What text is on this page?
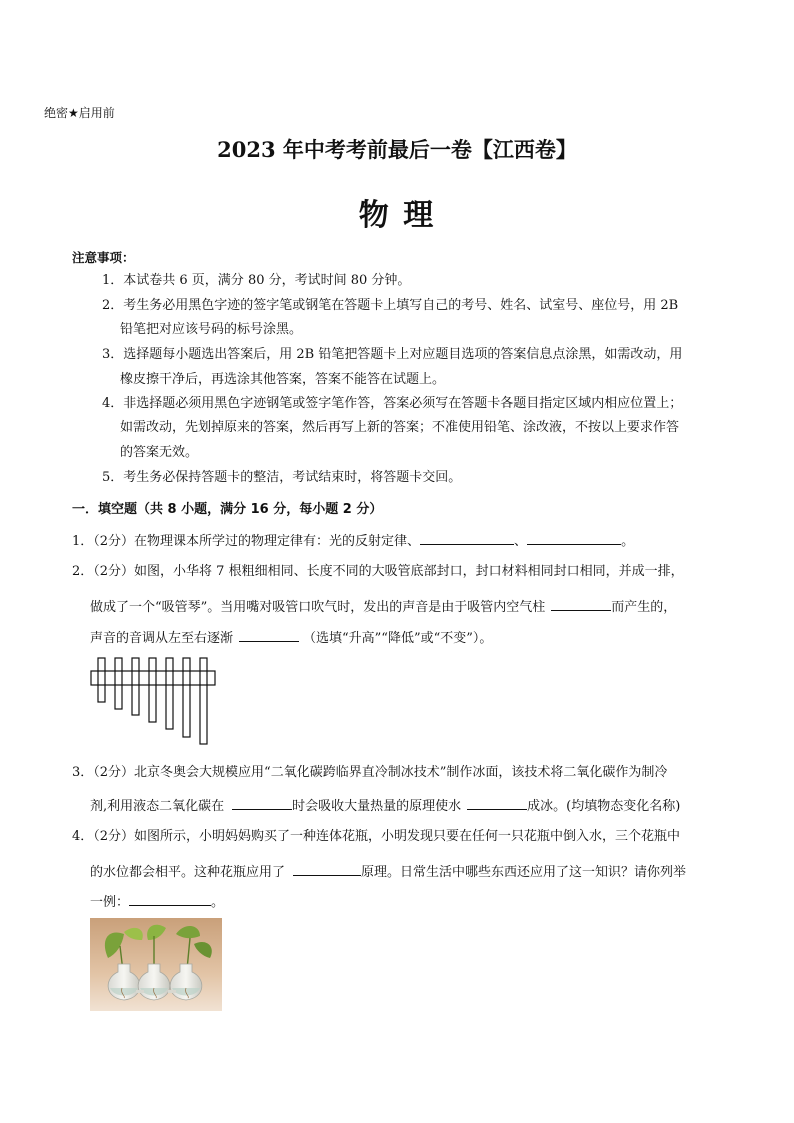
绝密★启用前
2023 年中考考前最后一卷【江西卷】
物 理
注意事项：
1．本试卷共 6 页，满分 80 分，考试时间 80 分钟。
2．考生务必用黑色字迹的签字笔或钢笔在答题卡上填写自己的考号、姓名、试室号、座位号，用 2B
铅笔把对应该号码的标号涂黑。
3．选择题每小题选出答案后，用 2B 铅笔把答题卡上对应题目选项的答案信息点涂黑，如需改动，用
橡皮擦干净后，再选涂其他答案，答案不能答在试题上。
4．非选择题必须用黑色字迹钢笔或签字笔作答，答案必须写在答题卡各题目指定区域内相应位置上；
如需改动，先划掉原来的答案，然后再写上新的答案；不准使用铅笔、涂改液，不按以上要求作答
的答案无效。
5．考生务必保持答题卡的整洁，考试结束时，将答题卡交回。
一．填空题（共 8 小题，满分 16 分，每小题 2 分）
1．（2分）在物理课本所学过的物理定律有：光的反射定律、	、	。
2．（2分）如图，小华将 7 根粗细相同、长度不同的大吸管底部封口，封口材料相同封口相同，并成一排，
做成了一个“吸管琴”。当用嘴对吸管口吹气时，发出的声音是由于吸管内空气柱	而产生的，
声音的音调从左至右逐渐	（选填“升高”“降低”或“不变”）。
3．（2分）北京冬奥会大规模应用“二氧化碳跨临界直冷制冰技术”制作冰面，该技术将二氧化碳作为制冷
剂,利用液态二氧化碳在	时会吸收大量热量的原理使水	成冰。(均填物态变化名称)
4．（2分）如图所示，小明妈妈购买了一种连体花瓶，小明发现只要在任何一只花瓶中倒入水，三个花瓶中
的水位都会相平。这种花瓶应用了	原理。日常生活中哪些东西还应用了这一知识？请你列举
一例：	。
